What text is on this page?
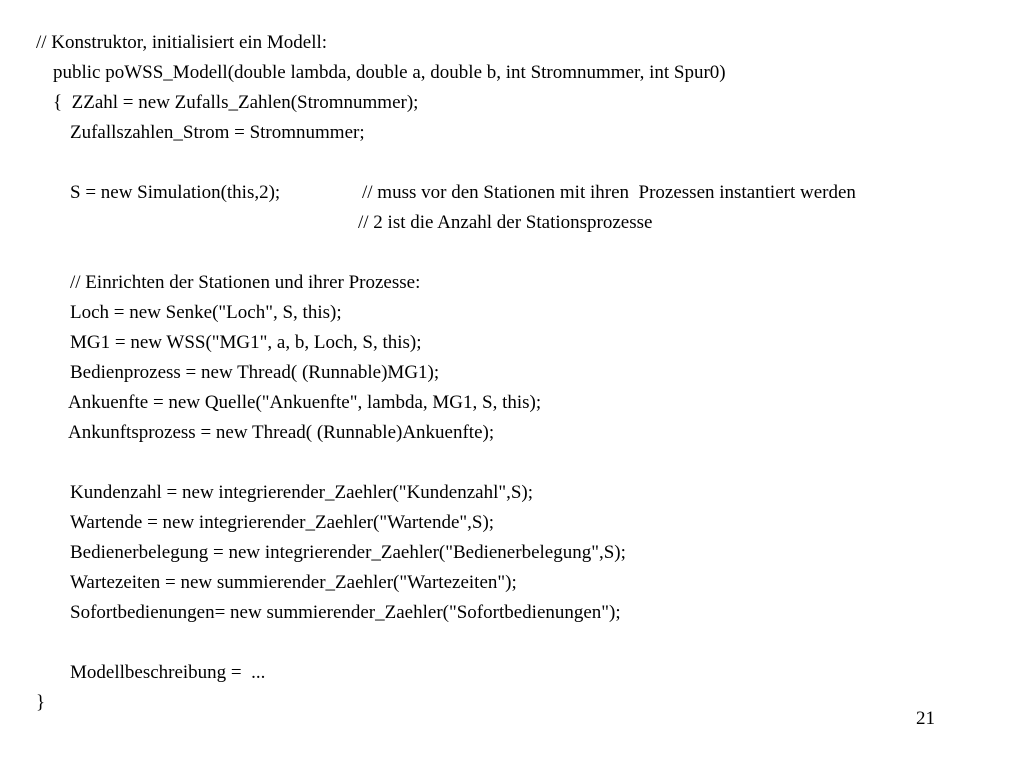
// Konstruktor, initialisiert ein Modell:
public poWSS_Modell(double lambda, double a, double b, int Stromnummer, int Spur0)
{  ZZahl = new Zufalls_Zahlen(Stromnummer);
Zufallszahlen_Strom = Stromnummer;
S = new Simulation(this,2);	// muss vor den Stationen mit ihren  Prozessen instantiert werden
// 2 ist die Anzahl der Stationsprozesse
// Einrichten der Stationen und ihrer Prozesse:
Loch = new Senke("Loch", S, this);
MG1 = new WSS("MG1", a, b, Loch, S, this);
Bedienprozess = new Thread( (Runnable)MG1);
Ankuenfte = new Quelle("Ankuenfte", lambda, MG1, S, this);
Ankunftsprozess = new Thread( (Runnable)Ankuenfte);
Kundenzahl = new integrierender_Zaehler("Kundenzahl",S);
Wartende = new integrierender_Zaehler("Wartende",S);
Bedienerbelegung = new integrierender_Zaehler("Bedienerbelegung",S);
Wartezeiten = new summierender_Zaehler("Wartezeiten");
Sofortbedienungen= new summierender_Zaehler("Sofortbedienungen");
Modellbeschreibung =  ...
}
21
